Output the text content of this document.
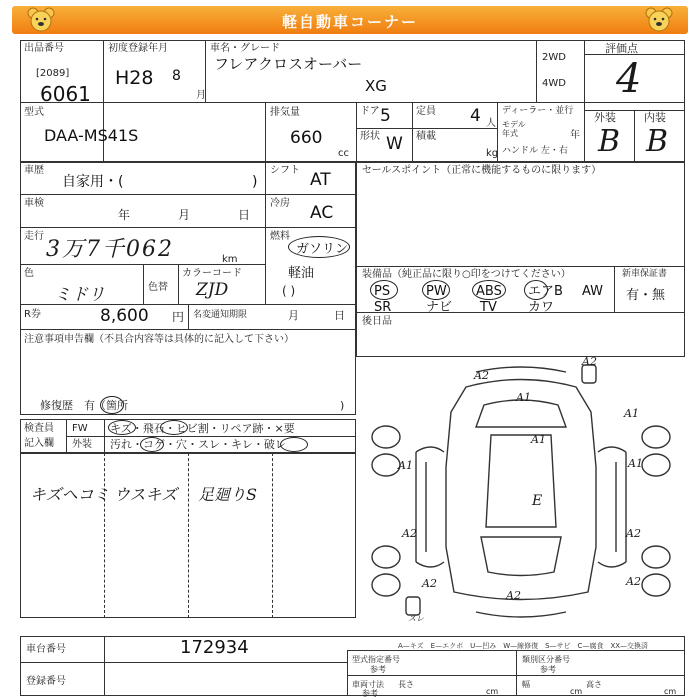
軽自動車コーナー
出品番号
[2089]
6061
初度登録年月
H28 8
月
車名・グレード
フレアクロスオーバー
XG
2WD
4WD
評価点
4
型式
DAA-MS41S
排気量
660
cc
ドア 5	定員 4 人
形状 W 積載
kg
ディーラー・並行
モデル年式	年
ハンドル 左・右
外装	内装
B B
車歴
自家用・(	)
シフト AT
車検
年	月	日
冷房 AC
走行
3万7千062	km
燃料
ガソリン
軽油
( )
色
ミドリ	色替
カラーコード
ZJD
R券	8,600 円 名変通知期限	月	日
注意事項申告欄（不具合内容等は具体的に記入して下さい）
修復歴　有（箇所	)
セールスポイント（正常に機能するものに限ります）
装備品（純正品に限り○印をつけてください）	新車保証書
有・無
PS	PW ABS エアB AW
SR	ナビ TV カワ
後日品
検査員
記入欄
FW
外装
キズ・飛石・ヒビ割・リペア跡・×要
汚れ・コゲ・穴・スレ・キレ・破レ
キズヘコミ ウスキズ 足廻りS
A2
A2
A1
A1
A1
A1	A1
E
A2	A2
A2	A2
A2
スレ
A—キズ　E—エクボ　U—凹み　W—線修復　S—サビ　C—腐食　XX—交換済
車台番号	172934
登録番号
型式指定番号
参考
類別区分番号
参考
車両寸法
参考
長さ
cm
幅
cm
高さ
cm
